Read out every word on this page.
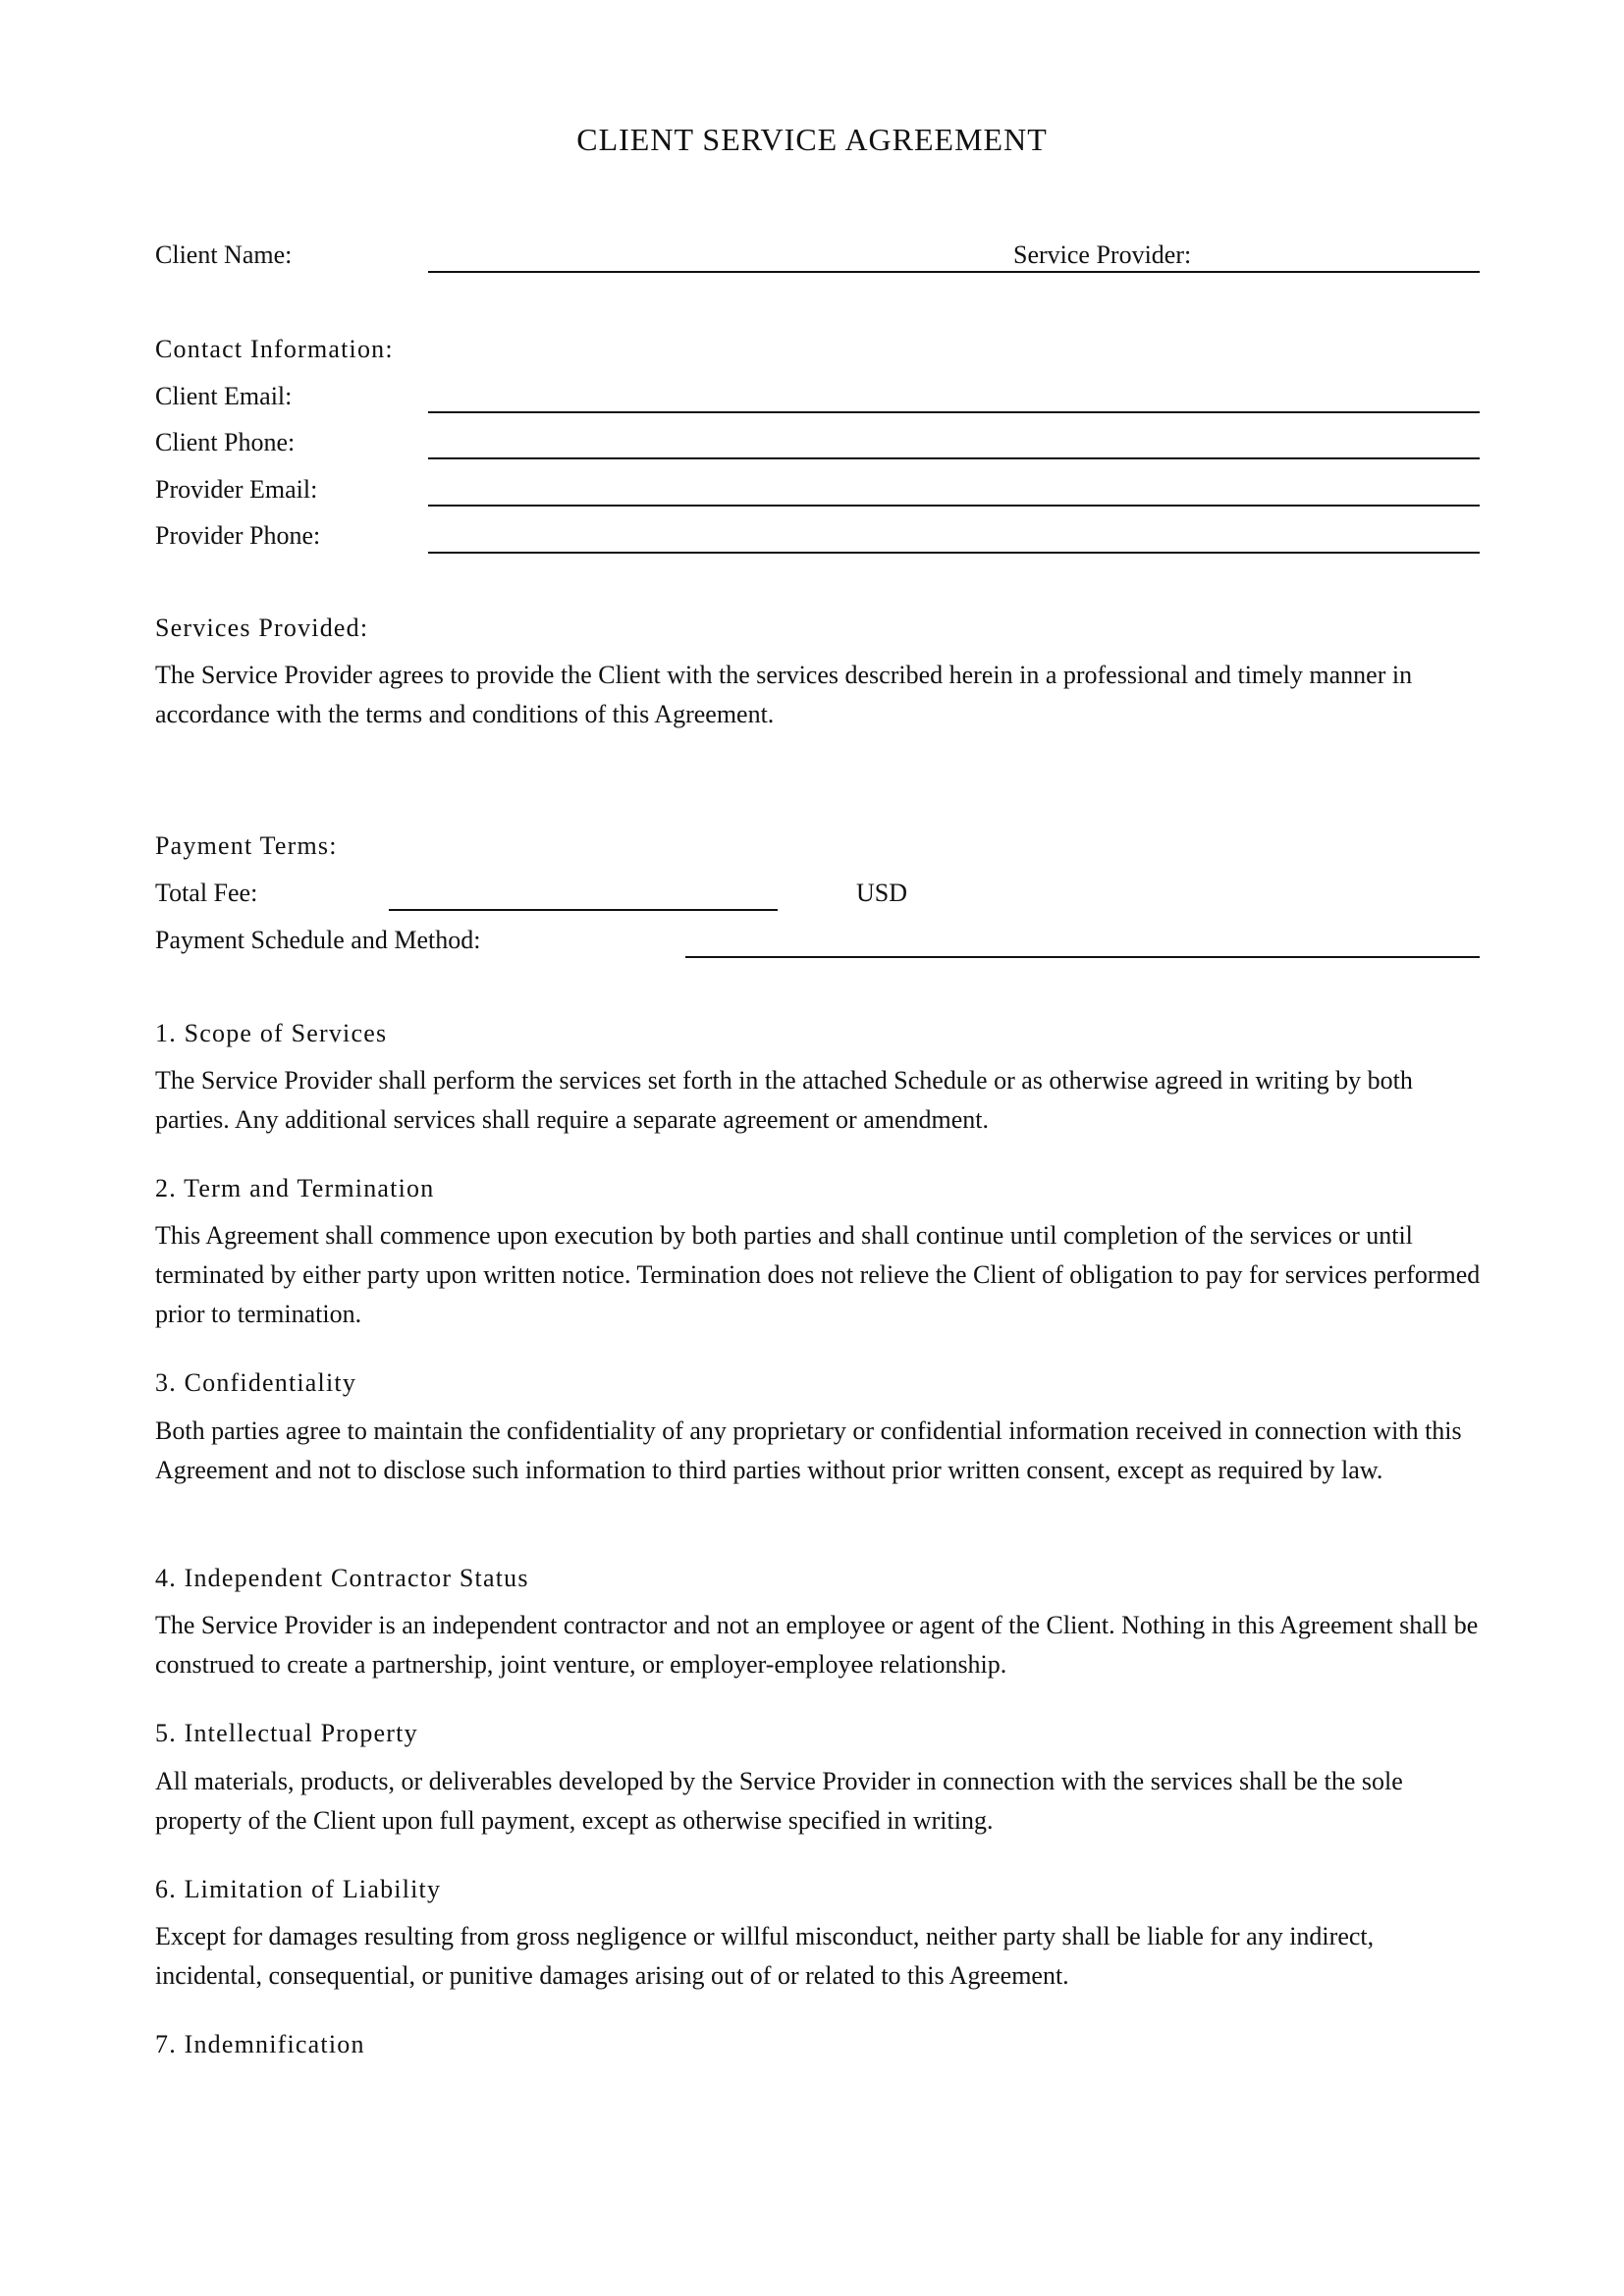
CLIENT SERVICE AGREEMENT
Client Name:	Service Provider:
Contact Information:
Client Email:
Client Phone:
Provider Email:
Provider Phone:
Services Provided:

The Service Provider agrees to provide the Client with the services described herein in a professional and timely manner in accordance with the terms and conditions of this Agreement.

Payment Terms:
Total Fee:	USD
Payment Schedule and Method:
1. Scope of Services

The Service Provider shall perform the services set forth in the attached Schedule or as otherwise agreed in writing by both parties. Any additional services shall require a separate agreement or amendment.

2. Term and Termination

This Agreement shall commence upon execution by both parties and shall continue until completion of the services or until terminated by either party upon written notice. Termination does not relieve the Client of obligation to pay for services performed prior to termination.

3. Confidentiality

Both parties agree to maintain the confidentiality of any proprietary or confidential information received in connection with this Agreement and not to disclose such information to third parties without prior written consent, except as required by law.

4. Independent Contractor Status

The Service Provider is an independent contractor and not an employee or agent of the Client. Nothing in this Agreement shall be construed to create a partnership, joint venture, or employer-employee relationship.

5. Intellectual Property

All materials, products, or deliverables developed by the Service Provider in connection with the services shall be the sole property of the Client upon full payment, except as otherwise specified in writing.

6. Limitation of Liability

Except for damages resulting from gross negligence or willful misconduct, neither party shall be liable for any indirect, incidental, consequential, or punitive damages arising out of or related to this Agreement.

7. Indemnification
